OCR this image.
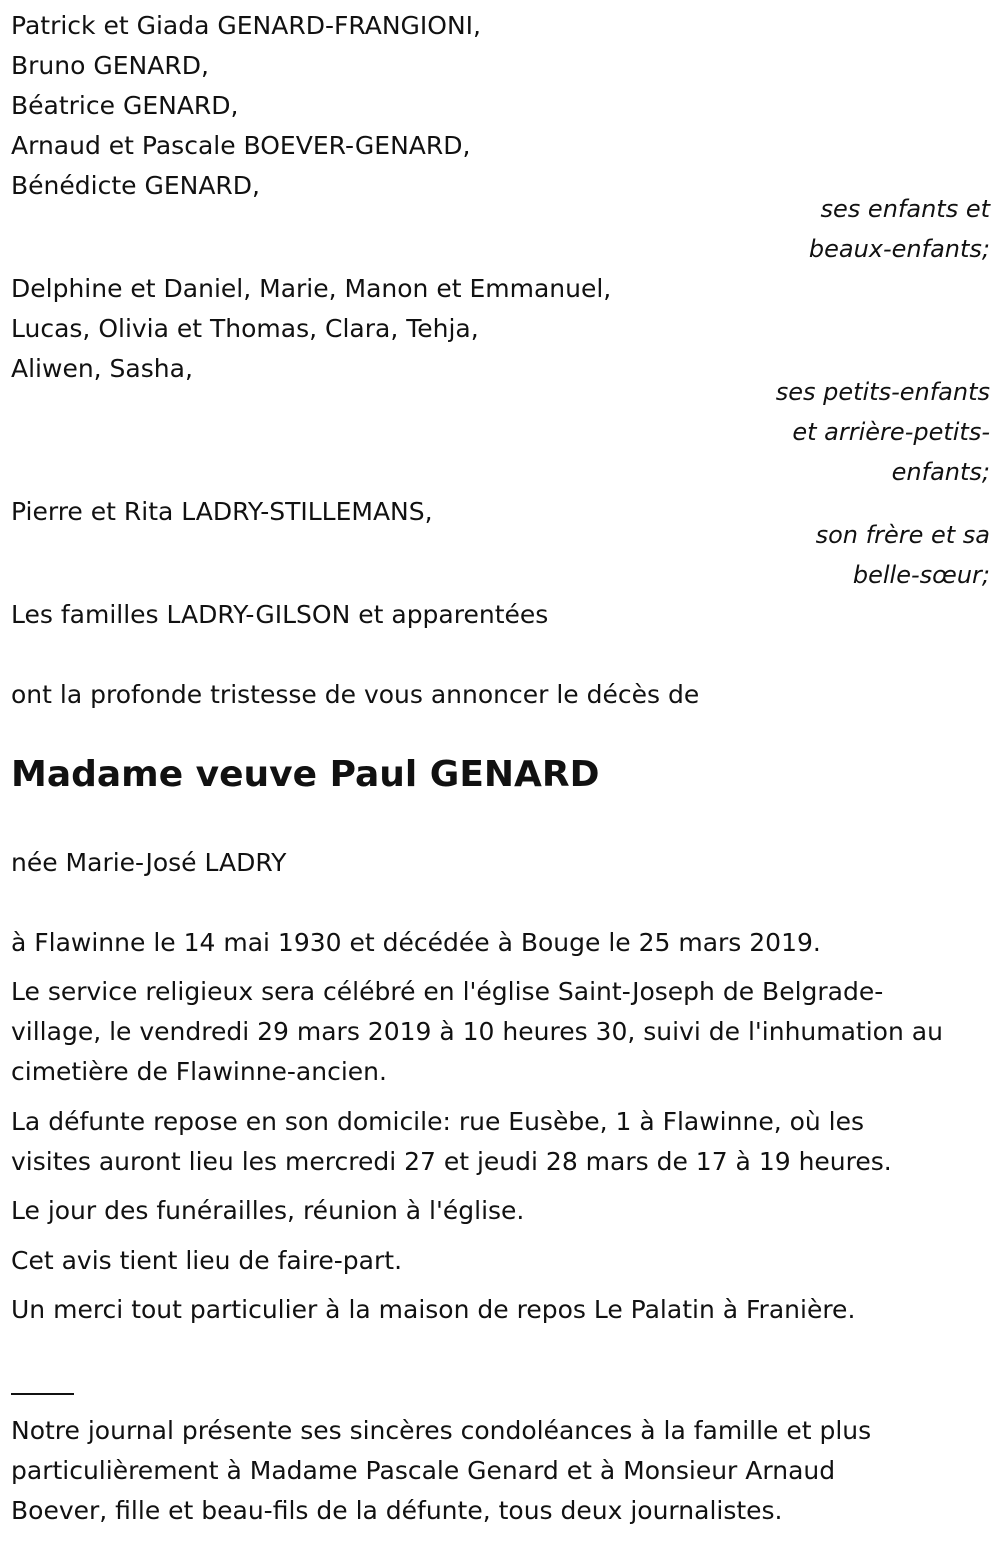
Patrick et Giada GENARD-FRANGIONI,

Bruno GENARD,

Béatrice GENARD,

Arnaud et Pascale BOEVER-GENARD,

Bénédicte GENARD,

ses enfants et

beaux-enfants;

Delphine et Daniel, Marie, Manon et Emmanuel,

Lucas, Olivia et Thomas, Clara, Tehja,

Aliwen, Sasha,

ses petits-enfants

et arrière-petits-

enfants;

Pierre et Rita LADRY-STILLEMANS,

son frère et sa

belle-sœur;

Les familles LADRY-GILSON et apparentées

ont la profonde tristesse de vous annoncer le décès de

Madame veuve Paul GENARD

née Marie-José LADRY

à Flawinne le 14 mai 1930 et décédée à Bouge le 25 mars 2019.

Le service religieux sera célébré en l'église Saint-Joseph de Belgrade-

village, le vendredi 29 mars 2019 à 10 heures 30, suivi de l'inhumation au

cimetière de Flawinne-ancien.

La défunte repose en son domicile: rue Eusèbe, 1 à Flawinne, où les

visites auront lieu les mercredi 27 et jeudi 28 mars de 17 à 19 heures.

Le jour des funérailles, réunion à l'église.

Cet avis tient lieu de faire-part.

Un merci tout particulier à la maison de repos Le Palatin à Franière.

Notre journal présente ses sincères condoléances à la famille et plus

particulièrement à Madame Pascale Genard et à Monsieur Arnaud

Boever, fille et beau-fils de la défunte, tous deux journalistes.
